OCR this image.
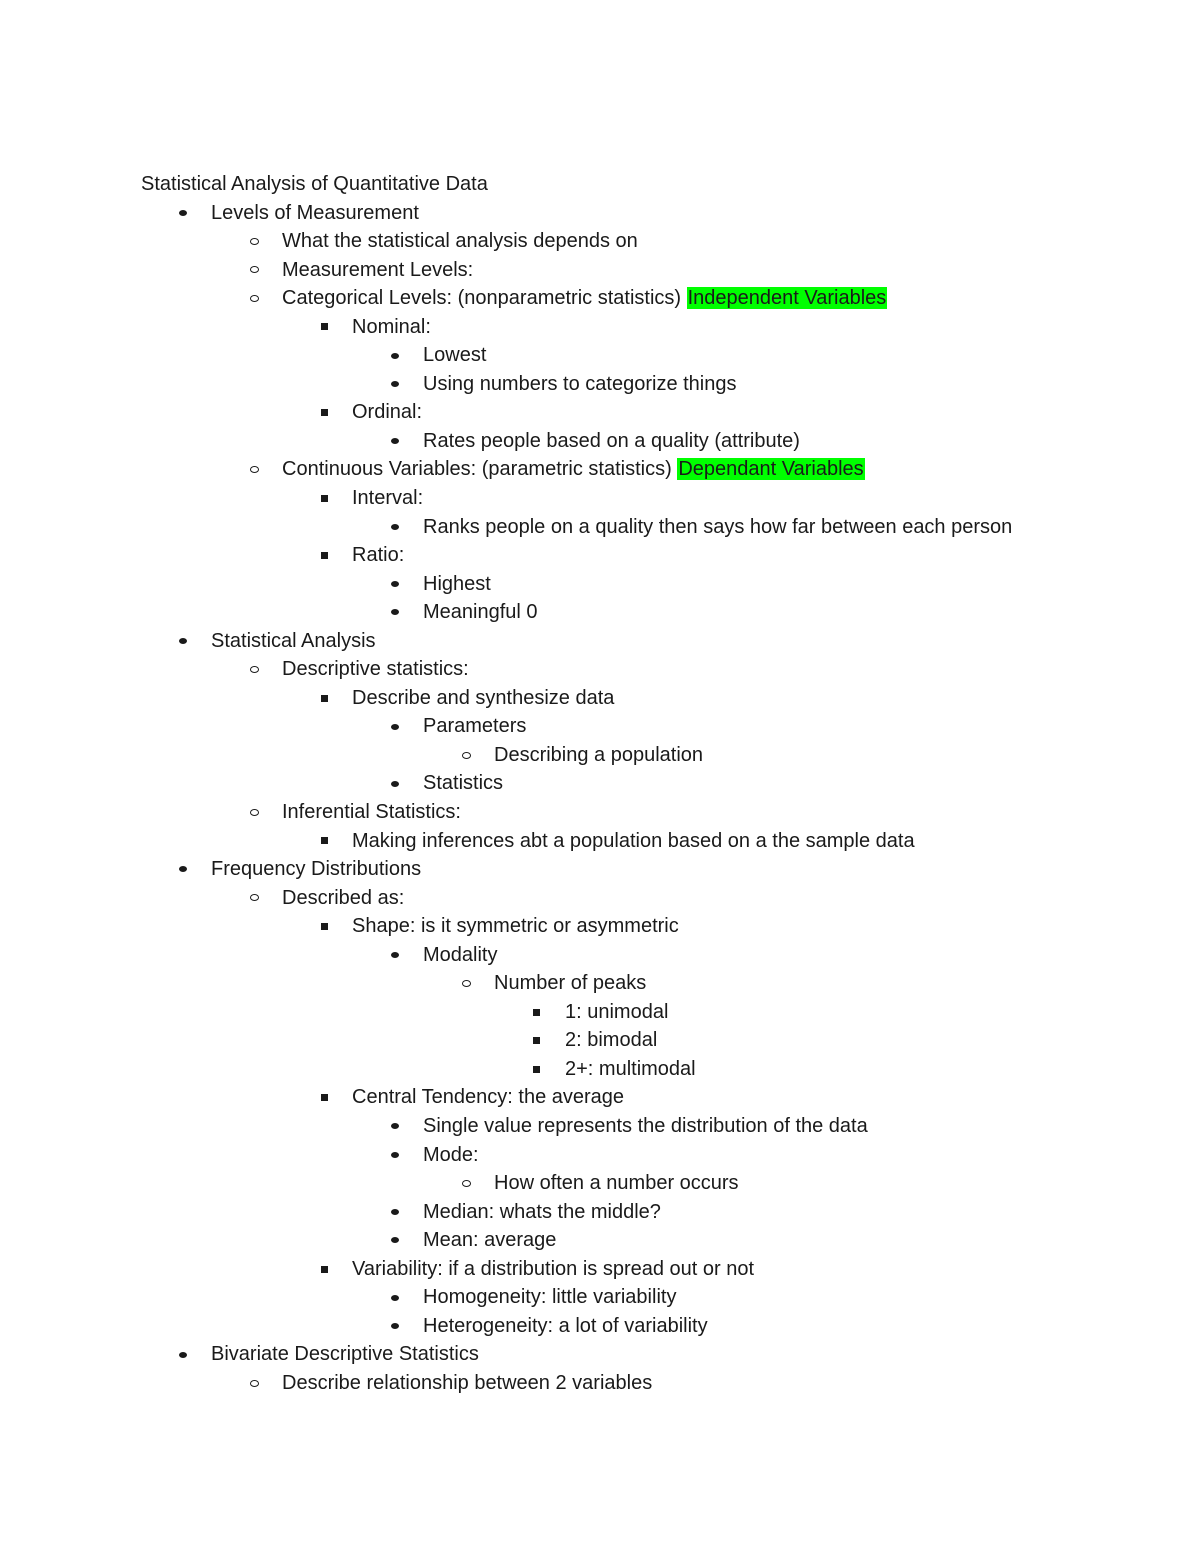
Statistical Analysis of Quantitative Data
Levels of Measurement
What the statistical analysis depends on
Measurement Levels:
Categorical Levels: (nonparametric statistics) Independent Variables
Nominal:
Lowest
Using numbers to categorize things
Ordinal:
Rates people based on a quality (attribute)
Continuous Variables: (parametric statistics) Dependant Variables
Interval:
Ranks people on a quality then says how far between each person
Ratio:
Highest
Meaningful 0
Statistical Analysis
Descriptive statistics:
Describe and synthesize data
Parameters
Describing a population
Statistics
Inferential Statistics:
Making inferences abt a population based on a the sample data
Frequency Distributions
Described as:
Shape: is it symmetric or asymmetric
Modality
Number of peaks
1: unimodal
2: bimodal
2+: multimodal
Central Tendency: the average
Single value represents the distribution of the data
Mode:
How often a number occurs
Median: whats the middle?
Mean: average
Variability: if a distribution is spread out or not
Homogeneity: little variability
Heterogeneity: a lot of variability
Bivariate Descriptive Statistics
Describe relationship between 2 variables
